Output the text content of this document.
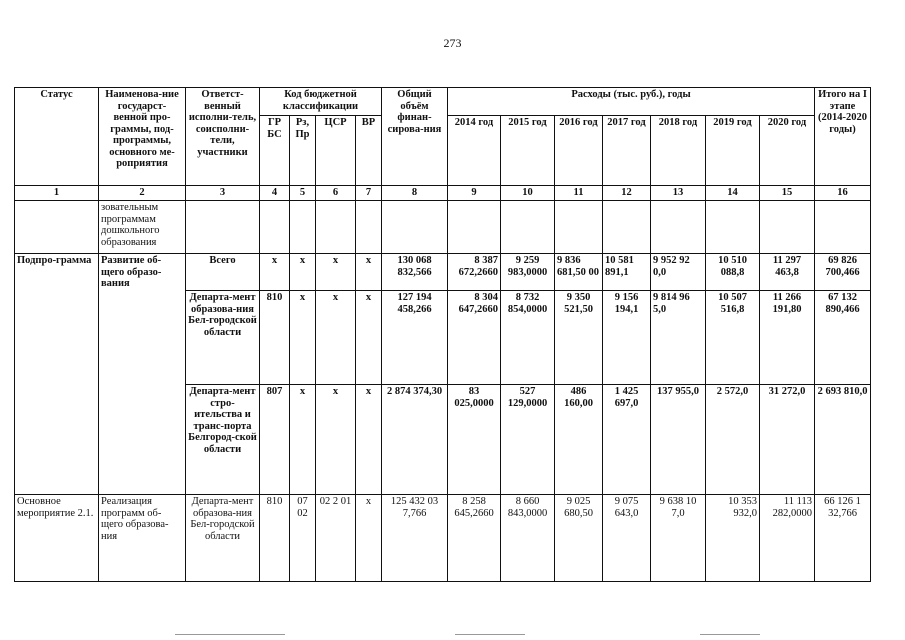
273
Статус	Наименова-ние государст-венной про-граммы, под-программы, основного ме-роприятия	Ответст-венный исполни-тель, соисполни-тели, участники	Код бюджетной классификации				Общий объём финан-сирова-ния	Расходы (тыс. руб.), годы							Итого на I этапе (2014-2020 годы)
			ГР БС	Рз, Пр	ЦСР	ВР		2014 год	2015 год	2016 год	2017 год	2018 год	2019 год	2020 год	
1	2	3	4	5	6	7	8	9	10	11	12	13	14	15	16
	зовательным программам дошкольного образования														
Подпро-грамма	Развитие об-щего образо-вания	Всего	х	х	х	х	130 068 832,566	8 387 672,2660	9 259 983,0000	9 836 681,50 00	10 581 891,1	9 952 92 0,0	10 510 088,8	11 297 463,8	69 826 700,466
		Департа-мент образова-ния Бел-городской области	810	х	х	х	127 194 458,266	8 304 647,2660	8 732 854,0000	9 350 521,50	9 156 194,1	9 814 96 5,0	10 507 516,8	11 266 191,80	67 132 890,466
		Департа-мент стро-ительства и транс-порта Белгород-ской области	807	х	х	х	2 874 374,30	83 025,0000	527 129,0000	486 160,00	1 425 697,0	137 955,0	2 572,0	31 272,0	2 693 810,0
Основное мероприятие 2.1.	Реализация программ об-щего образова-ния	Департа-мент образова-ния Бел-городской области	810	07 02	02 2 01	х	125 432 03 7,766	8 258 645,2660	8 660 843,0000	9 025 680,50	9 075 643,0	9 638 10 7,0	10 353 932,0	11 113 282,0000	66 126 1 32,766
